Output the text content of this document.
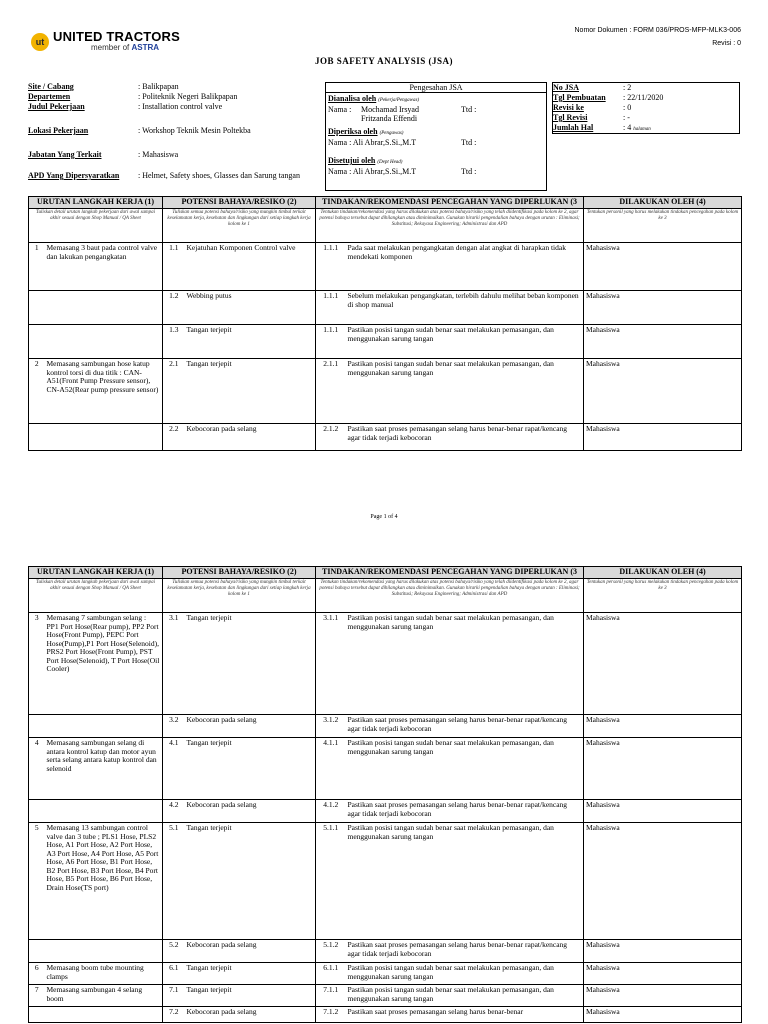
ut UNITED TRACTORS
member of ASTRA
Nomor Dokumen : FORM 036/PROS-MFP-MLK3-006
Revisi : 0
JOB SAFETY ANALYSIS (JSA)
Site / Cabang	: Balikpapan
Departemen	: Politeknik Negeri Balikpapan
Judul Pekerjaan	: Installation control valve
Lokasi Pekerjaan	: Workshop Teknik Mesin Poltekba
Jabatan Yang Terkait	: Mahasiswa
APD Yang Dipersyaratkan	: Helmet, Safety shoes, Glasses dan Sarung tangan
Pengesahan JSA
Dianalisa oleh (Pekerja/Pengawas)
Nama :	Mochamad Irsyad
Fritzanda Effendi
Ttd :
Diperiksa oleh (Pengawas)
Nama : Ali Abrar,S.Si.,M.T	Ttd :
Disetujui oleh (Dept Head)
Nama : Ali Abrar,S.Si.,M.T	Ttd :
No JSA	: 2
Tgl Pembuatan	: 22/11/2020
Revisi ke	: 0
Tgl Revisi	: -
Jumlah Hal	: 4 halaman
URUTAN LANGKAH KERJA (1)		POTENSI BAHAYA/RESIKO (2)		TINDAKAN/REKOMENDASI PENCEGAHAN YANG DIPERLUKAN (3		DILAKUKAN OLEH (4)
Tuliskan detail urutan langkah pekerjaan dari awal sampai akhir sesuai dengan Shop Manual / QA Sheet		Tuliskan semua potensi bahaya/risiko yang mungkin timbul terkait keselamatan kerja, kesehatan dan lingkungan dari setiap langkah kerja kolom ke 1		Tentukan tindakan/rekomendasi yang harus dilakukan atas potensi bahaya/risiko yang telah diidentifikasi pada kolom ke 2, agar potensi bahaya tersebut dapat dihilangkan atau diminimalkan. Gunakan hirarki pengendalian bahaya dengan urutan : Eliminasi; Substitusi; Rekayasa Engineering; Administrasi dan APD		Tentukan personil yang harus melakukan tindakan pencegahan pada kolom ke 3
1	Memasang 3 baut pada control valve dan lakukan pengangkatan	1.1	Kejatuhan Komponen Control valve	1.1.1	Pada saat melakukan pengangkatan dengan alat angkat di harapkan tidak mendekati komponen	Mahasiswa
		1.2	Webbing putus	1.1.1	Sebelum melakukan pengangkatan, terlebih dahulu melihat beban komponen di shop manual	Mahasiswa
		1.3	Tangan terjepit	1.1.1	Pastikan posisi tangan sudah benar saat melakukan pemasangan, dan menggunakan sarung tangan	Mahasiswa
2	Memasang sambungan hose katup kontrol torsi di dua titik : CAN-A51(Front Pump Pressure sensor), CN-A52(Rear pump pressure sensor)	2.1	Tangan terjepit	2.1.1	Pastikan posisi tangan sudah benar saat melakukan pemasangan, dan menggunakan sarung tangan	Mahasiswa
		2.2	Kebocoran pada selang	2.1.2	Pastikan saat proses pemasangan selang harus benar-benar rapat/kencang agar tidak terjadi kebocoran	Mahasiswa
Page 1 of 4
URUTAN LANGKAH KERJA (1)		POTENSI BAHAYA/RESIKO (2)		TINDAKAN/REKOMENDASI PENCEGAHAN YANG DIPERLUKAN (3		DILAKUKAN OLEH (4)
Tuliskan detail urutan langkah pekerjaan dari awal sampai akhir sesuai dengan Shop Manual / QA Sheet		Tuliskan semua potensi bahaya/risiko yang mungkin timbul terkait keselamatan kerja, kesehatan dan lingkungan dari setiap langkah kerja kolom ke 1		Tentukan tindakan/rekomendasi yang harus dilakukan atas potensi bahaya/risiko yang telah diidentifikasi pada kolom ke 2, agar potensi bahaya tersebut dapat dihilangkan atau diminimalkan. Gunakan hirarki pengendalian bahaya dengan urutan : Eliminasi; Substitusi; Rekayasa Engineering; Administrasi dan APD		Tentukan personil yang harus melakukan tindakan pencegahan pada kolom ke 3
3	Memasang 7 sambungan selang : PP1 Port Hose(Rear pump), PP2 Port Hose(Front Pump), PEPC Port Hose(Pump),P1 Port Hose(Selenoid), PRS2 Port Hose(Front Pump), PST Port Hose(Selenoid), T Port Hose(Oil Cooler)	3.1	Tangan terjepit	3.1.1	Pastikan posisi tangan sudah benar saat melakukan pemasangan, dan menggunakan sarung tangan	Mahasiswa
		3.2	Kebocoran pada selang	3.1.2	Pastikan saat proses pemasangan selang harus benar-benar rapat/kencang agar tidak terjadi kebocoran	Mahasiswa
4	Memasang sambungan selang di antara kontrol katup dan motor ayun serta selang antara katup kontrol dan selenoid	4.1	Tangan terjepit	4.1.1	Pastikan posisi tangan sudah benar saat melakukan pemasangan, dan menggunakan sarung tangan	Mahasiswa
		4.2	Kebocoran pada selang	4.1.2	Pastikan saat proses pemasangan selang harus benar-benar rapat/kencang agar tidak terjadi kebocoran	Mahasiswa
5	Memasang 13 sambungan control valve dan 3 tube ; PLS1 Hose, PLS2 Hose, A1 Port Hose, A2 Port Hose, A3 Port Hose, A4 Port Hose, A5 Port Hose, A6 Port Hose, B1 Port Hose, B2 Port Hose, B3 Port Hose, B4 Port Hose, B5 Port Hose, B6 Port Hose, Drain Hose(TS port)	5.1	Tangan terjepit	5.1.1	Pastikan posisi tangan sudah benar saat melakukan pemasangan, dan menggunakan sarung tangan	Mahasiswa
		5.2	Kebocoran pada selang	5.1.2	Pastikan saat proses pemasangan selang harus benar-benar rapat/kencang agar tidak terjadi kebocoran	Mahasiswa
6	Memasang boom tube mounting clamps	6.1	Tangan terjepit	6.1.1	Pastikan posisi tangan sudah benar saat melakukan pemasangan, dan menggunakan sarung tangan	Mahasiswa
7	Memasang sambungan 4 selang boom	7.1	Tangan terjepit	7.1.1	Pastikan posisi tangan sudah benar saat melakukan pemasangan, dan menggunakan sarung tangan	Mahasiswa
		7.2	Kebocoran pada selang	7.1.2	Pastikan saat proses pemasangan selang harus benar-benar	Mahasiswa
